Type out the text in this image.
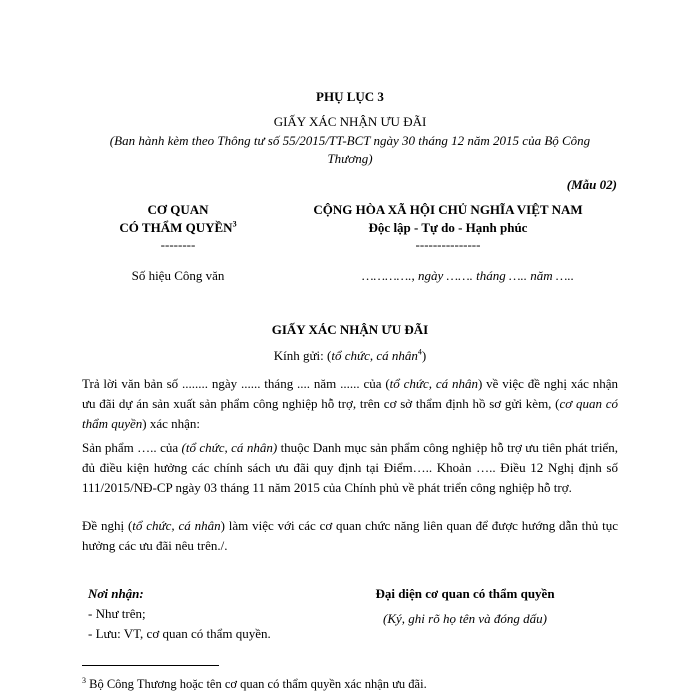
PHỤ LỤC 3
GIẤY XÁC NHẬN ƯU ĐÃI
(Ban hành kèm theo Thông tư số 55/2015/TT-BCT ngày 30 tháng 12 năm 2015 của Bộ Công
Thương)
(Mẫu 02)
CƠ QUAN
CÓ THẨM QUYỀN$^3$
--------
Số hiệu Công văn
CỘNG HÒA XÃ HỘI CHỦ NGHĨA VIỆT NAM
Độc lập - Tự do - Hạnh phúc
---------------
…………., ngày ……. tháng ….. năm …..
GIẤY XÁC NHẬN ƯU ĐÃI
Kính gửi: (tổ chức, cá nhân$^4$)
Trả lời văn bản số ........ ngày ...... tháng .... năm ...... của (tổ chức, cá nhân) về việc đề nghị xác nhận ưu đãi dự án sản xuất sản phẩm công nghiệp hỗ trợ, trên cơ sở thẩm định hồ sơ gửi kèm, (cơ quan có thẩm quyền) xác nhận:
Sản phẩm ….. của (tổ chức, cá nhân) thuộc Danh mục sản phẩm công nghiệp hỗ trợ ưu tiên phát triển, đủ điều kiện hưởng các chính sách ưu đãi quy định tại Điểm….. Khoản ….. Điều 12 Nghị định số 111/2015/NĐ-CP ngày 03 tháng 11 năm 2015 của Chính phủ về phát triển công nghiệp hỗ trợ.
Đề nghị (tổ chức, cá nhân) làm việc với các cơ quan chức năng liên quan để được hướng dẫn thủ tục hưởng các ưu đãi nêu trên./.
Nơi nhận:
- Như trên;
- Lưu: VT, cơ quan có thẩm quyền.
Đại diện cơ quan có thẩm quyền
(Ký, ghi rõ họ tên và đóng dấu)
$^3$ Bộ Công Thương hoặc tên cơ quan có thẩm quyền xác nhận ưu đãi.
